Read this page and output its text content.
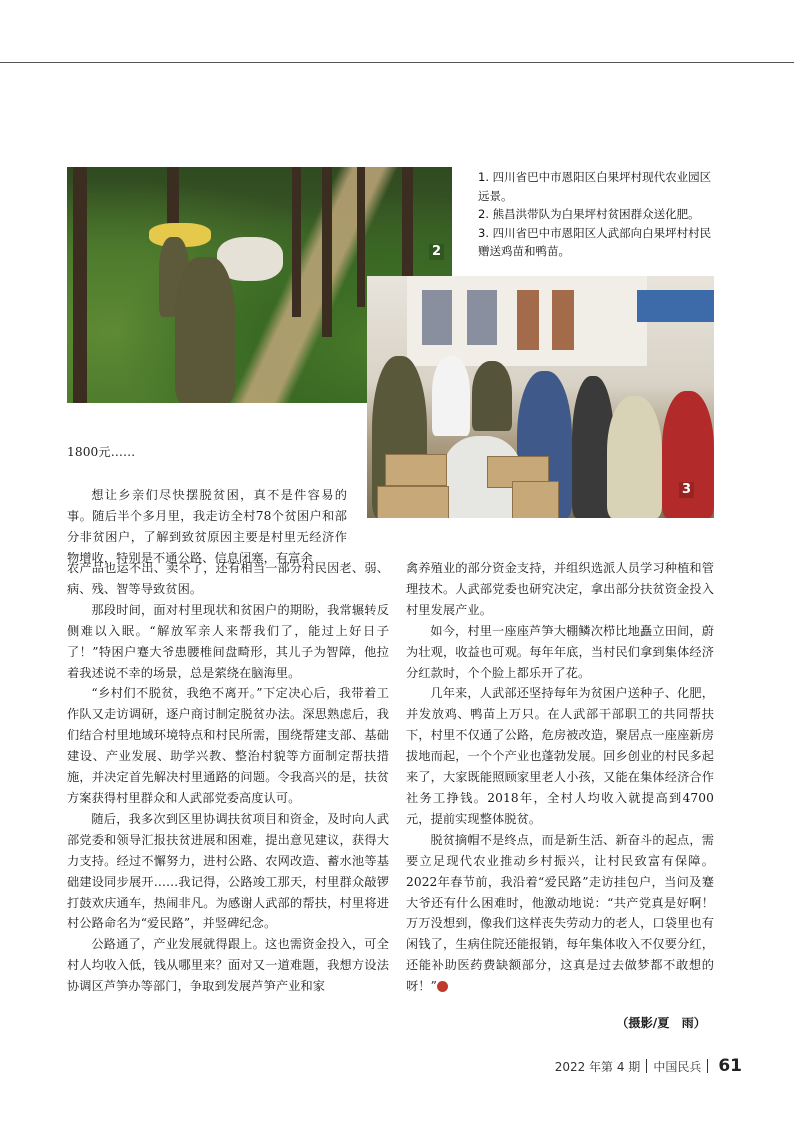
2
3

1. 四川省巴中市恩阳区白果坪村现代农业园区远景。

2. 熊昌洪带队为白果坪村贫困群众送化肥。

3. 四川省巴中市恩阳区人武部向白果坪村村民赠送鸡苗和鸭苗。

1800元……

想让乡亲们尽快摆脱贫困，真不是件容易的事。随后半个多月里，我走访全村78个贫困户和部分非贫困户，了解到致贫原因主要是村里无经济作物增收，特别是不通公路、信息闭塞，有富余

农产品也运不出、卖不了，还有相当一部分村民因老、弱、病、残、智等导致贫困。

那段时间，面对村里现状和贫困户的期盼，我常辗转反侧难以入眠。“解放军亲人来帮我们了，能过上好日子了！”特困户蹇大爷患腰椎间盘畸形，其儿子为智障，他拉着我述说不幸的场景，总是萦绕在脑海里。

“乡村们不脱贫，我绝不离开。”下定决心后，我带着工作队又走访调研，逐户商讨制定脱贫办法。深思熟虑后，我们结合村里地域环境特点和村民所需，围绕帮建支部、基础建设、产业发展、助学兴教、整治村貌等方面制定帮扶措施，并决定首先解决村里通路的问题。令我高兴的是，扶贫方案获得村里群众和人武部党委高度认可。

随后，我多次到区里协调扶贫项目和资金，及时向人武部党委和领导汇报扶贫进展和困难，提出意见建议，获得大力支持。经过不懈努力，进村公路、农网改造、蓄水池等基础建设同步展开……我记得，公路竣工那天，村里群众敲锣打鼓欢庆通车，热闹非凡。为感谢人武部的帮扶，村里将进村公路命名为“爱民路”，并竖碑纪念。

公路通了，产业发展就得跟上。这也需资金投入，可全村人均收入低，钱从哪里来？面对又一道难题，我想方设法协调区芦笋办等部门，争取到发展芦笋产业和家

禽养殖业的部分资金支持，并组织选派人员学习种植和管理技术。人武部党委也研究决定，拿出部分扶贫资金投入村里发展产业。

如今，村里一座座芦笋大棚鳞次栉比地矗立田间，蔚为壮观，收益也可观。每年年底，当村民们拿到集体经济分红款时，个个脸上都乐开了花。

几年来，人武部还坚持每年为贫困户送种子、化肥，并发放鸡、鸭苗上万只。在人武部干部职工的共同帮扶下，村里不仅通了公路，危房被改造，聚居点一座座新房拔地而起，一个个产业也蓬勃发展。回乡创业的村民多起来了，大家既能照顾家里老人小孩，又能在集体经济合作社务工挣钱。2018年，全村人均收入就提高到4700元，提前实现整体脱贫。

脱贫摘帽不是终点，而是新生活、新奋斗的起点，需要立足现代农业推动乡村振兴，让村民致富有保障。2022年春节前，我沿着“爱民路”走访挂包户，当问及蹇大爷还有什么困难时，他激动地说：“共产党真是好啊！万万没想到，像我们这样丧失劳动力的老人，口袋里也有闲钱了，生病住院还能报销，每年集体收入不仅要分红，还能补助医药费缺额部分，这真是过去做梦都不敢想的呀！”	军

（摄影/夏　雨）
2022 年第 4 期 中国民兵 61
